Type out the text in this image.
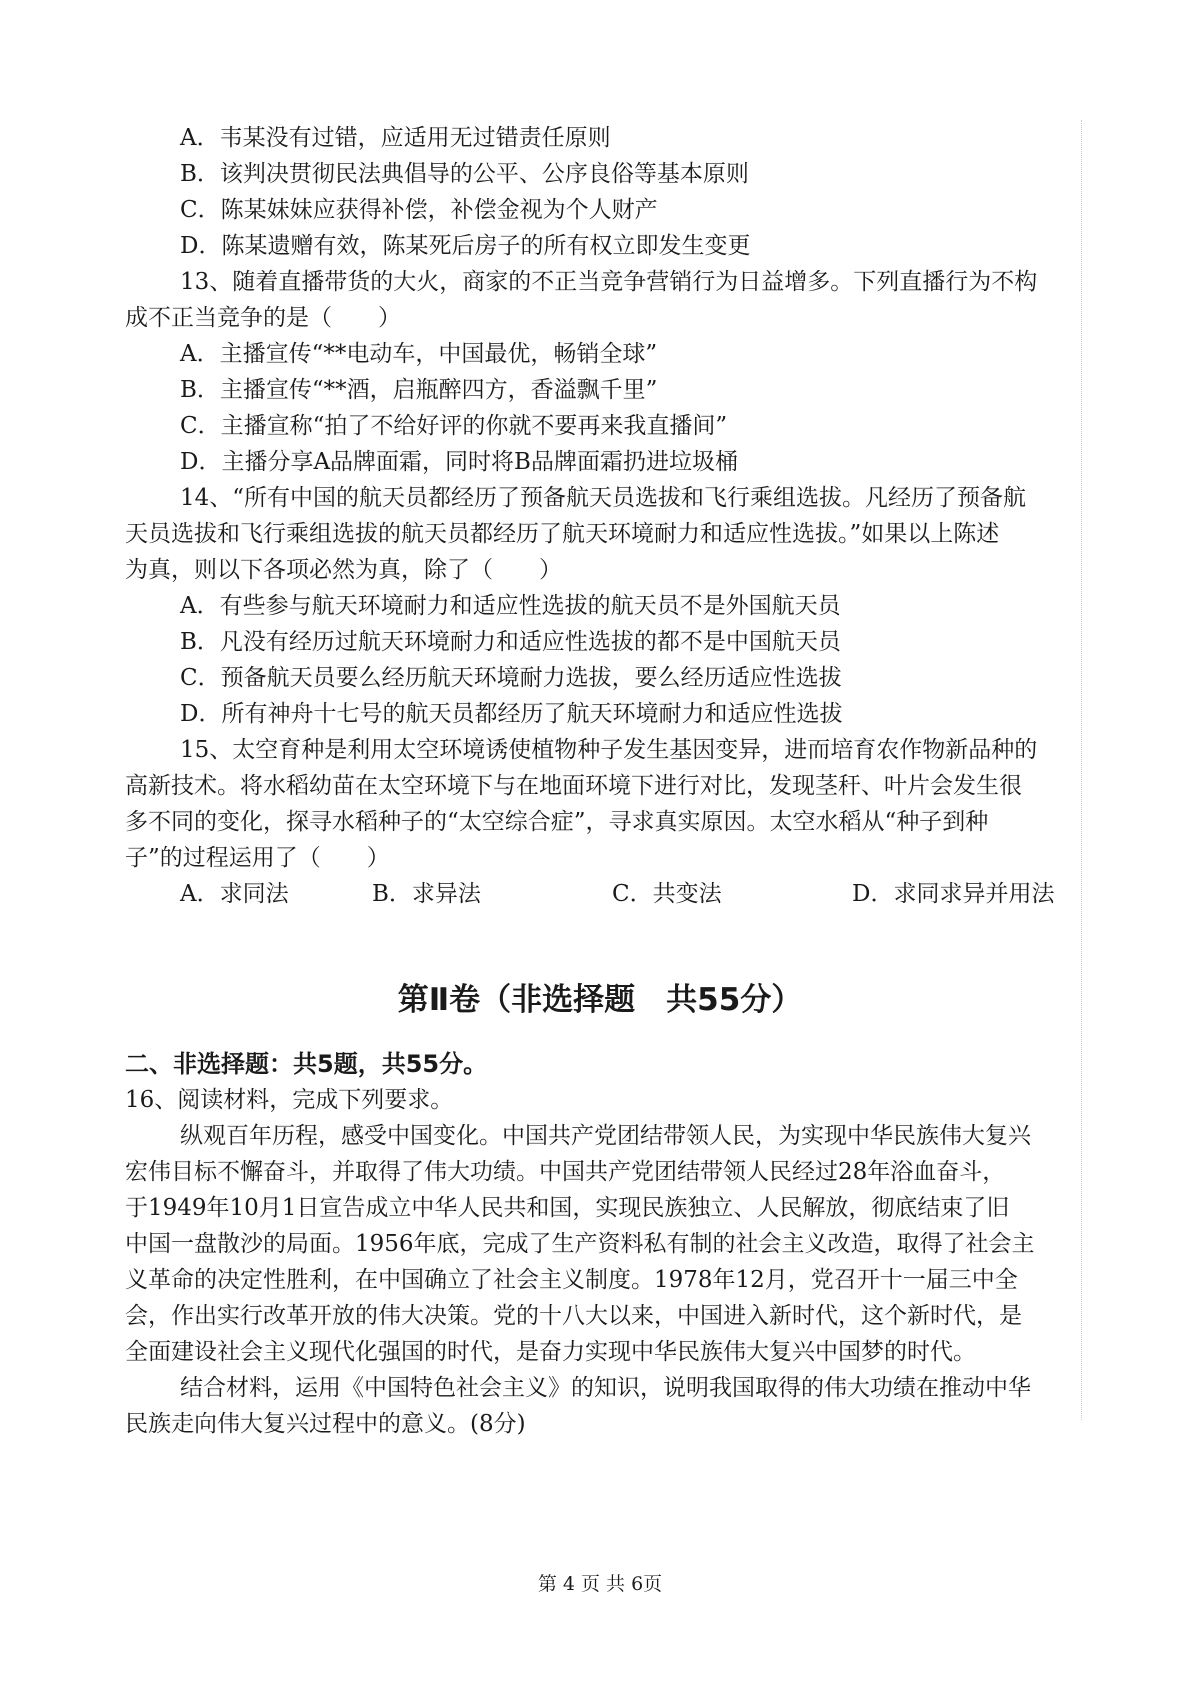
A．韦某没有过错，应适用无过错责任原则
B．该判决贯彻民法典倡导的公平、公序良俗等基本原则
C．陈某妹妹应获得补偿，补偿金视为个人财产
D．陈某遗赠有效，陈某死后房子的所有权立即发生变更
13、随着直播带货的大火，商家的不正当竞争营销行为日益增多。下列直播行为不构
成不正当竞争的是（　　）
A．主播宣传“**电动车，中国最优，畅销全球”
B．主播宣传“**酒，启瓶醉四方，香溢飘千里”
C．主播宣称“拍了不给好评的你就不要再来我直播间”
D．主播分享A品牌面霜，同时将B品牌面霜扔进垃圾桶
14、“所有中国的航天员都经历了预备航天员选拔和飞行乘组选拔。凡经历了预备航
天员选拔和飞行乘组选拔的航天员都经历了航天环境耐力和适应性选拔。”如果以上陈述
为真，则以下各项必然为真，除了（　　）
A．有些参与航天环境耐力和适应性选拔的航天员不是外国航天员
B．凡没有经历过航天环境耐力和适应性选拔的都不是中国航天员
C．预备航天员要么经历航天环境耐力选拔，要么经历适应性选拔
D．所有神舟十七号的航天员都经历了航天环境耐力和适应性选拔
15、太空育种是利用太空环境诱使植物种子发生基因变异，进而培育农作物新品种的
高新技术。将水稻幼苗在太空环境下与在地面环境下进行对比，发现茎秆、叶片会发生很
多不同的变化，探寻水稻种子的“太空综合症”，寻求真实原因。太空水稻从“种子到种
子”的过程运用了（　　）
A．求同法	B．求异法	C．共变法	D．求同求异并用法
第Ⅱ卷（非选择题　共55分）
二、非选择题：共5题，共55分。
16、阅读材料，完成下列要求。
纵观百年历程，感受中国变化。中国共产党团结带领人民，为实现中华民族伟大复兴
宏伟目标不懈奋斗，并取得了伟大功绩。中国共产党团结带领人民经过28年浴血奋斗，
于1949年10月1日宣告成立中华人民共和国，实现民族独立、人民解放，彻底结束了旧
中国一盘散沙的局面。1956年底，完成了生产资料私有制的社会主义改造，取得了社会主
义革命的决定性胜利，在中国确立了社会主义制度。1978年12月，党召开十一届三中全
会，作出实行改革开放的伟大决策。党的十八大以来，中国进入新时代，这个新时代，是
全面建设社会主义现代化强国的时代，是奋力实现中华民族伟大复兴中国梦的时代。
结合材料，运用《中国特色社会主义》的知识，说明我国取得的伟大功绩在推动中华
民族走向伟大复兴过程中的意义。(8分)
第 4 页 共 6页
